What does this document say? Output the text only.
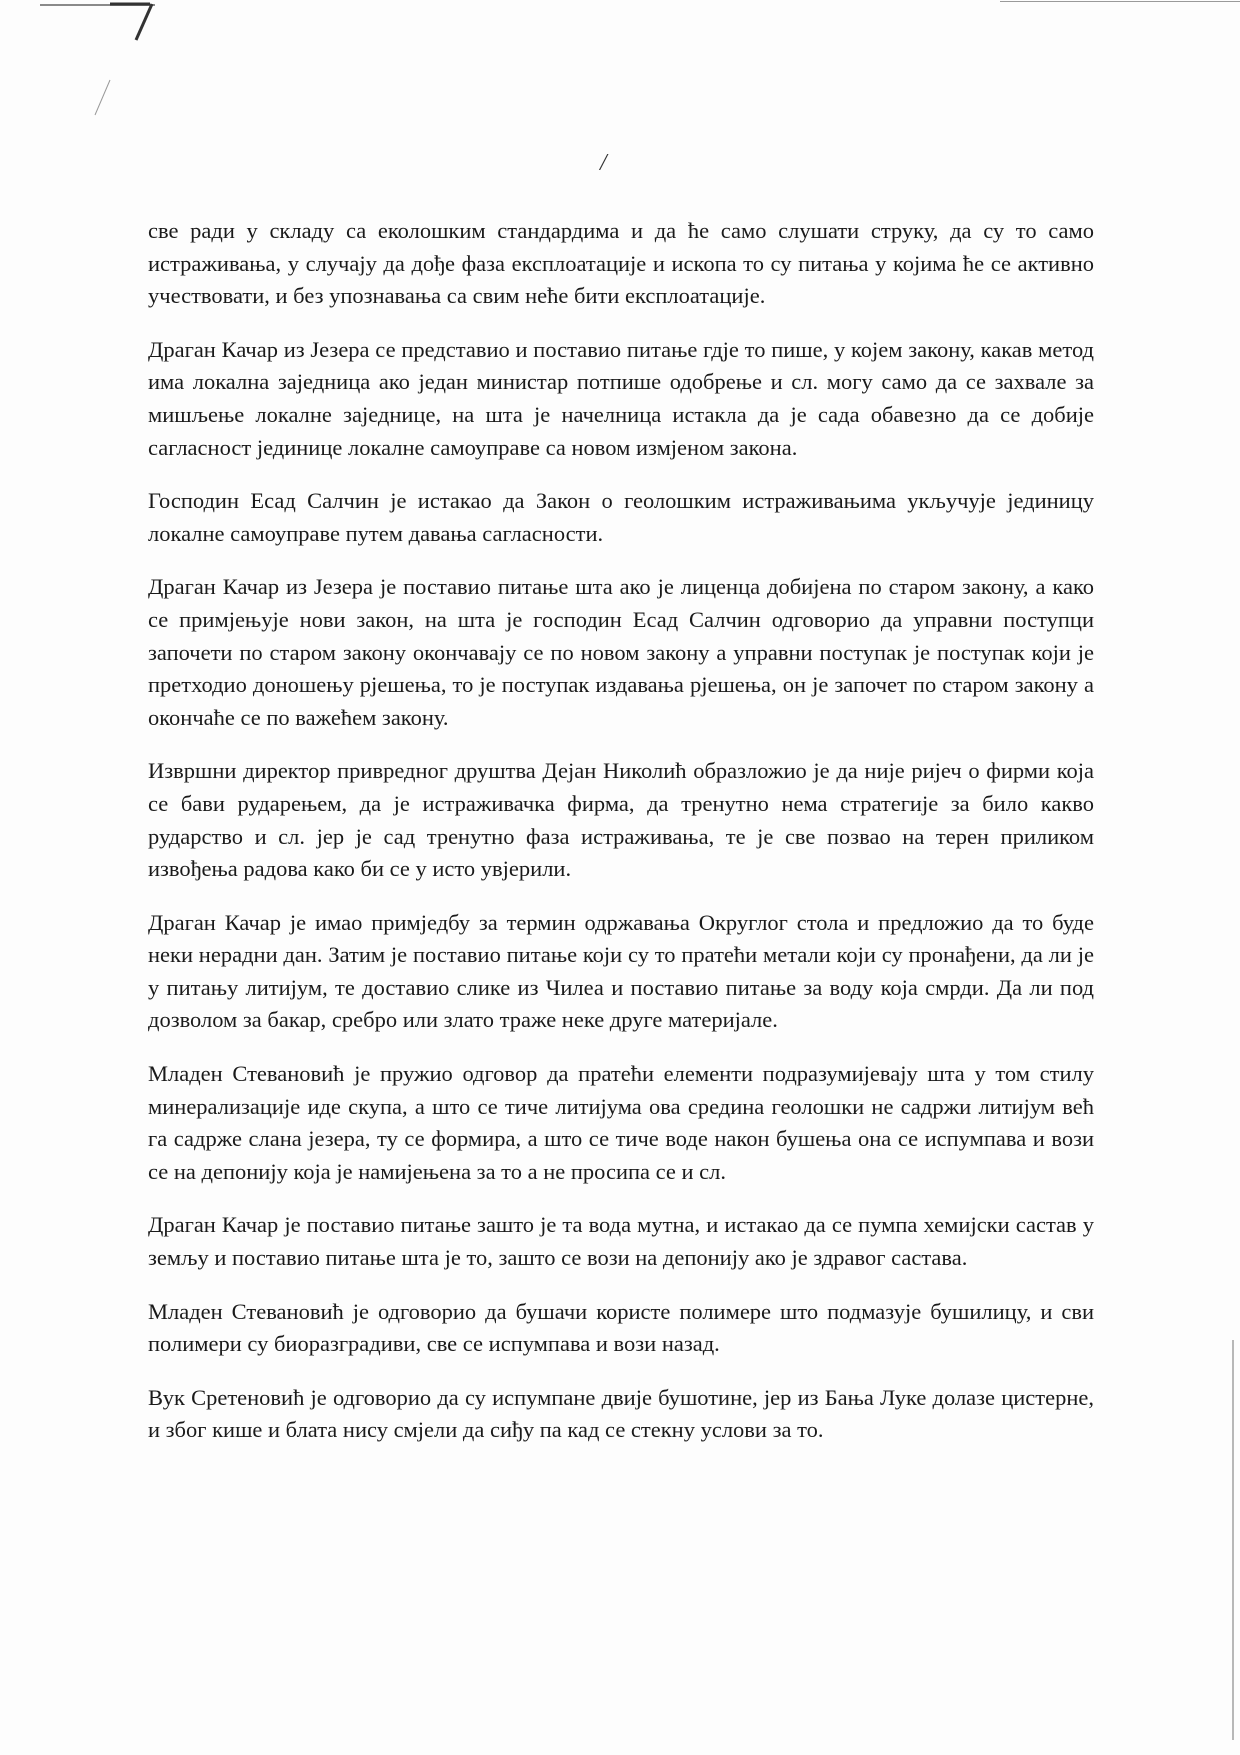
/

све ради у складу са еколошким стандардима и да ће само слушати струку, да су то само истраживања, у случају да дође фаза експлоатације и ископа то су питања у којима ће се активно учествовати, и без упознавања са свим неће бити експлоатације.

Драган Качар из Језера се представио и поставио питање гдје то пише, у којем закону, какав метод има локална заједница ако један министар потпише одобрење и сл. могу само да се захвале за мишљење локалне заједнице, на шта је начелница истакла да је сада обавезно да се добије сагласност јединице локалне самоуправе са новом измјеном закона.

Господин Есад Салчин је истакао да Закон о геолошким истраживањима укључује јединицу локалне самоуправе путем давања сагласности.

Драган Качар из Језера је поставио питање шта ако је лиценца добијена по старом закону, а како се примјењује нови закон, на шта је господин Есад Салчин одговорио да управни поступци започети по старом закону окончавају се по новом закону а управни поступак је поступак који је претходио доношењу рјешења, то је поступак издавања рјешења, он је започет по старом закону а окончаће се по важећем закону.

Извршни директор привредног друштва Дејан Николић образложио је да није ријеч о фирми која се бави рударењем, да је истраживачка фирма, да тренутно нема стратегије за било какво рударство и сл. јер је сад тренутно фаза истраживања, те је све позвао на терен приликом извођења радова како би се у исто увјерили.

Драган Качар је имао примједбу за термин одржавања Округлог стола и предложио да то буде неки нерадни дан. Затим је поставио питање који су то пратећи метали који су пронађени, да ли је у питању литијум, те доставио слике из Чилеа и поставио питање за воду која смрди. Да ли под дозволом за бакар, сребро или злато траже неке друге материјале.

Младен Стевановић је пружио одговор да пратећи елементи подразумијевају шта у том стилу минерализације иде скупа, а што се тиче литијума ова средина геолошки не садржи литијум већ га садрже слана језера, ту се формира, а што се тиче воде након бушења она се испумпава и вози се на депонију која је намијењена за то а не просипа се и сл.

Драган Качар је поставио питање зашто је та вода мутна, и истакао да се пумпа хемијски састав у земљу и поставио питање шта је то, зашто се вози на депонију ако је здравог састава.

Младен Стевановић је одговорио да бушачи користе полимере што подмазује бушилицу, и сви полимери су биоразградиви, све се испумпава и вози назад.

Вук Сретеновић је одговорио да су испумпане двије бушотине, јер из Бања Луке долазе цистерне, и због кише и блата нису смјели да сиђу па кад се стекну услови за то.
